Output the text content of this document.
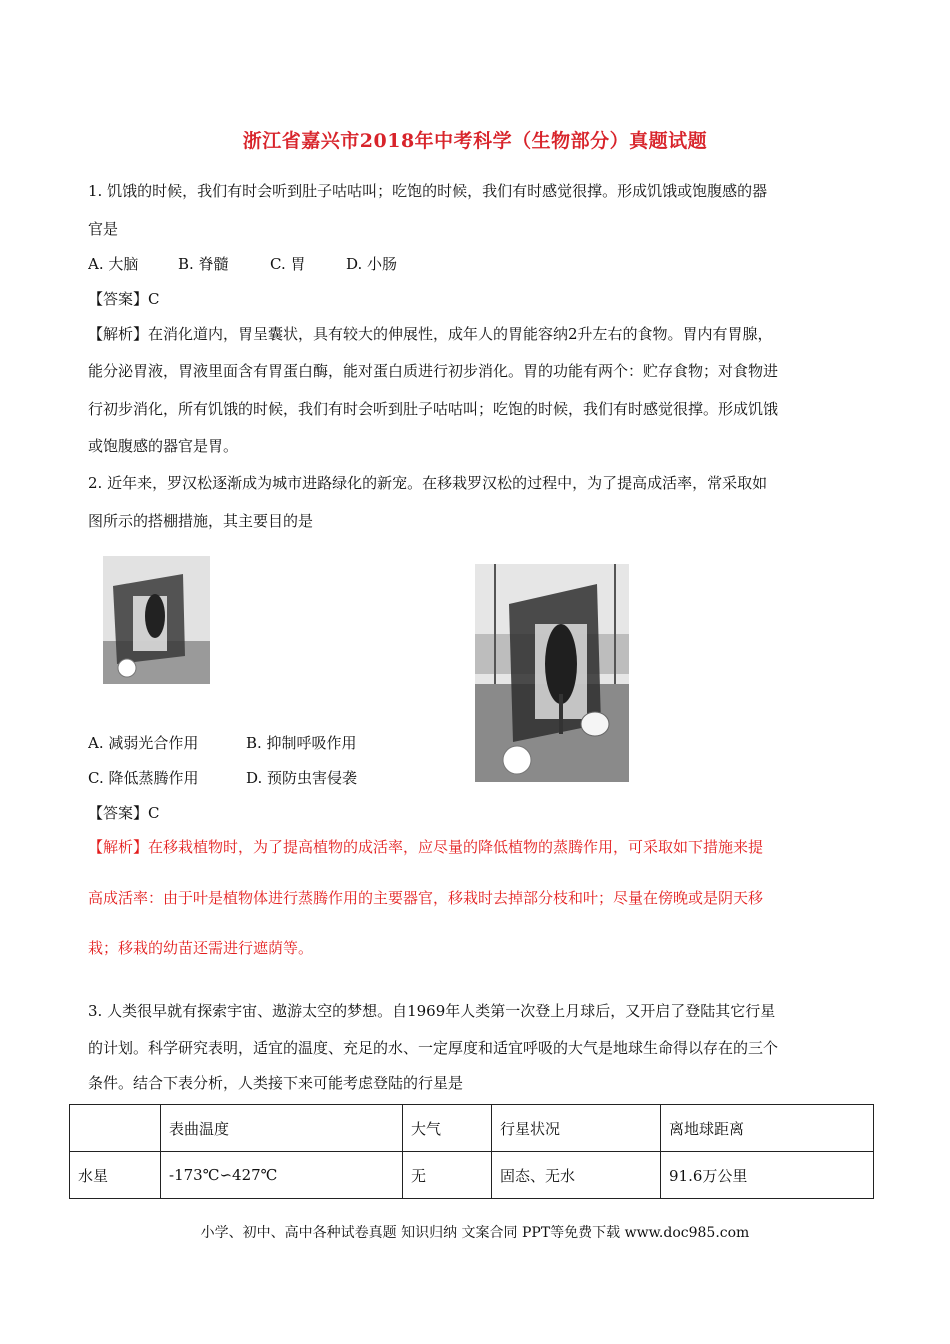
浙江省嘉兴市2018年中考科学（生物部分）真题试题
1. 饥饿的时候，我们有时会听到肚子咕咕叫；吃饱的时候，我们有时感觉很撑。形成饥饿或饱腹感的器
官是
A. 大脑	B. 脊髓	C. 胃	D. 小肠
【答案】C
【解析】在消化道内，胃呈囊状，具有较大的伸展性，成年人的胃能容纳2升左右的食物。胃内有胃腺，
能分泌胃液，胃液里面含有胃蛋白酶，能对蛋白质进行初步消化。胃的功能有两个：贮存食物；对食物进
行初步消化，所有饥饿的时候，我们有时会听到肚子咕咕叫；吃饱的时候，我们有时感觉很撑。形成饥饿
或饱腹感的器官是胃。
2. 近年来，罗汉松逐渐成为城市进路绿化的新宠。在移栽罗汉松的过程中，为了提高成活率，常采取如
图所示的搭棚措施，其主要目的是
A. 减弱光合作用	B. 抑制呼吸作用
C. 降低蒸腾作用	D. 预防虫害侵袭
【答案】C
【解析】在移栽植物时，为了提高植物的成活率，应尽量的降低植物的蒸腾作用，可采取如下措施来提
高成活率：由于叶是植物体进行蒸腾作用的主要器官，移栽时去掉部分枝和叶；尽量在傍晚或是阴天移
栽；移栽的幼苗还需进行遮荫等。
3. 人类很早就有探索宇宙、遨游太空的梦想。自1969年人类第一次登上月球后，又开启了登陆其它行星
的计划。科学研究表明，适宜的温度、充足的水、一定厚度和适宜呼吸的大气是地球生命得以存在的三个
条件。结合下表分析，人类接下来可能考虑登陆的行星是
	表曲温度	大气	行星状况	离地球距离
水星	-173℃∽427℃	无	固态、无水	91.6万公里
小学、初中、高中各种试卷真题 知识归纳 文案合同 PPT等免费下载 www.doc985.com
